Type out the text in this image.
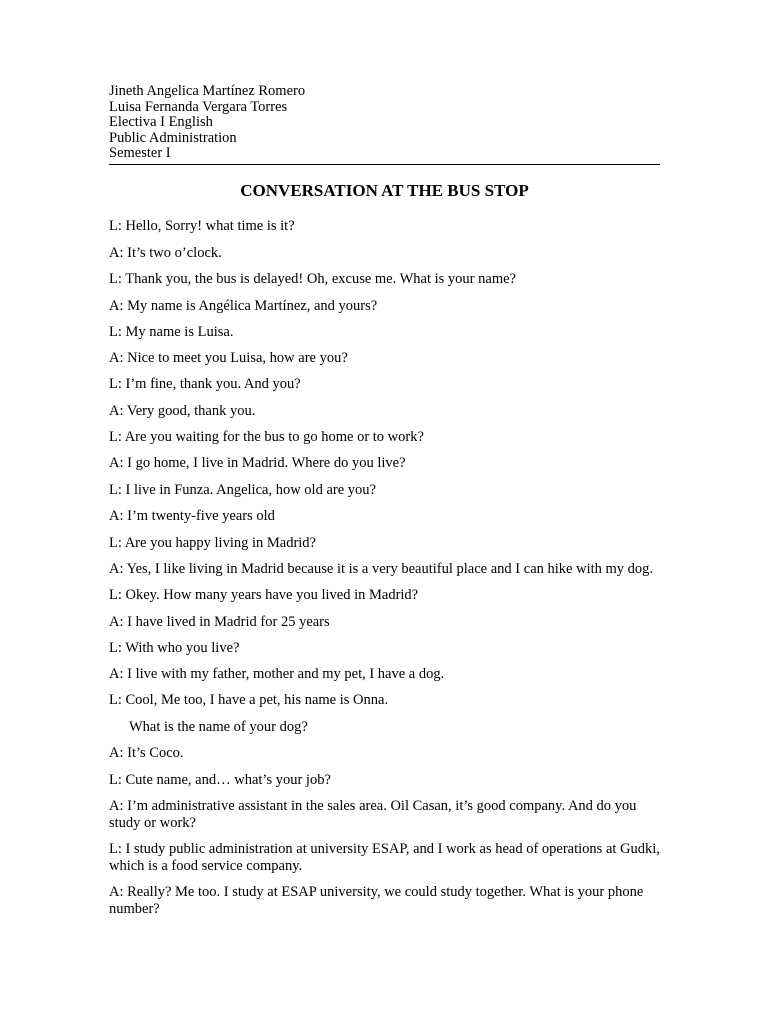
Jineth Angelica Martínez Romero
Luisa Fernanda Vergara Torres
Electiva I English
Public Administration
Semester I
CONVERSATION AT THE BUS STOP
L: Hello, Sorry! what time is it?
A: It’s two o’clock.
L: Thank you, the bus is delayed! Oh, excuse me. What is your name?
A: My name is Angélica Martínez, and yours?
L: My name is Luisa.
A: Nice to meet you Luisa, how are you?
L: I’m fine, thank you. And you?
A: Very good, thank you.
L: Are you waiting for the bus to go home or to work?
A: I go home, I live in Madrid. Where do you live?
L: I live in Funza. Angelica, how old are you?
A: I’m twenty-five years old
L: Are you happy living in Madrid?
A: Yes, I like living in Madrid because it is a very beautiful place and I can hike with my dog.
L: Okey. How many years have you lived in Madrid?
A: I have lived in Madrid for 25 years
L: With who you live?
A: I live with my father, mother and my pet, I have a dog.
L: Cool, Me too, I have a pet, his name is Onna.
What is the name of your dog?
A: It’s Coco.
L: Cute name, and… what’s your job?
A: I’m administrative assistant in the sales area. Oil Casan, it’s good company. And do you study or work?
L: I study public administration at university ESAP, and I work as head of operations at Gudki, which is a food service company.
A: Really? Me too. I study at ESAP university, we could study together. What is your phone number?
